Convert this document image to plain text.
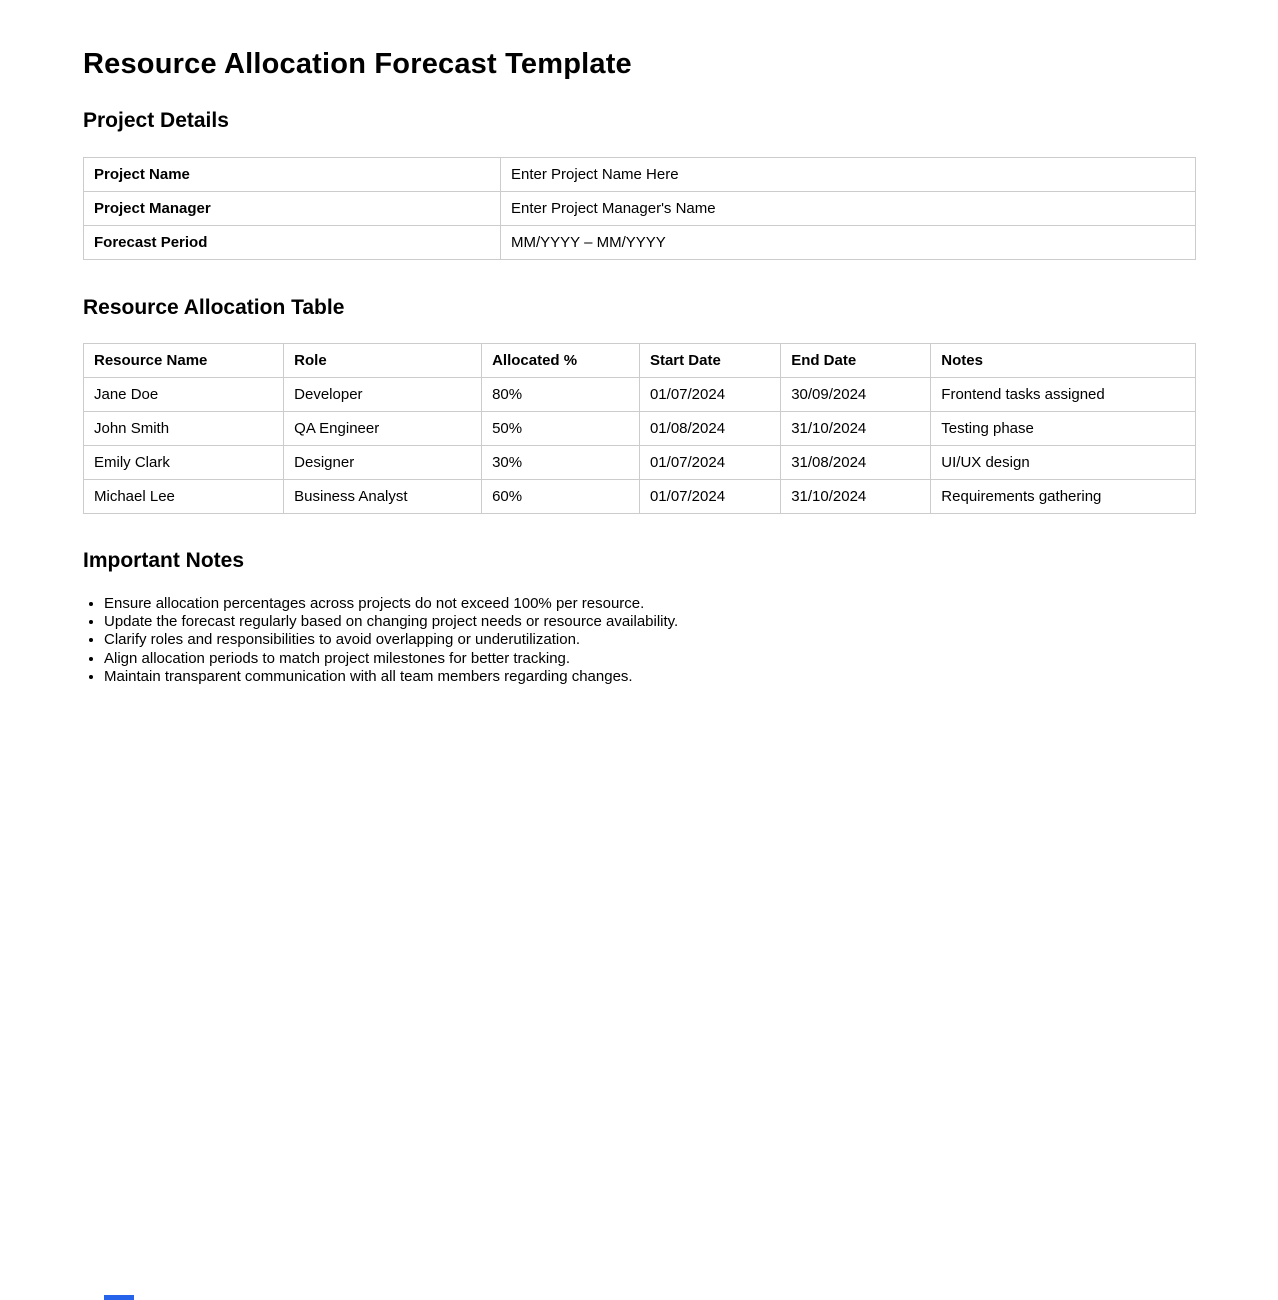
Resource Allocation Forecast Template
Project Details
Project Name	Enter Project Name Here
Project Manager	Enter Project Manager's Name
Forecast Period	MM/YYYY – MM/YYYY
Resource Allocation Table
Resource Name	Role	Allocated %	Start Date	End Date	Notes
Jane Doe	Developer	80%	01/07/2024	30/09/2024	Frontend tasks assigned
John Smith	QA Engineer	50%	01/08/2024	31/10/2024	Testing phase
Emily Clark	Designer	30%	01/07/2024	31/08/2024	UI/UX design
Michael Lee	Business Analyst	60%	01/07/2024	31/10/2024	Requirements gathering
Important Notes
• Ensure allocation percentages across projects do not exceed 100% per resource.
• Update the forecast regularly based on changing project needs or resource availability.
• Clarify roles and responsibilities to avoid overlapping or underutilization.
• Align allocation periods to match project milestones for better tracking.
• Maintain transparent communication with all team members regarding changes.
